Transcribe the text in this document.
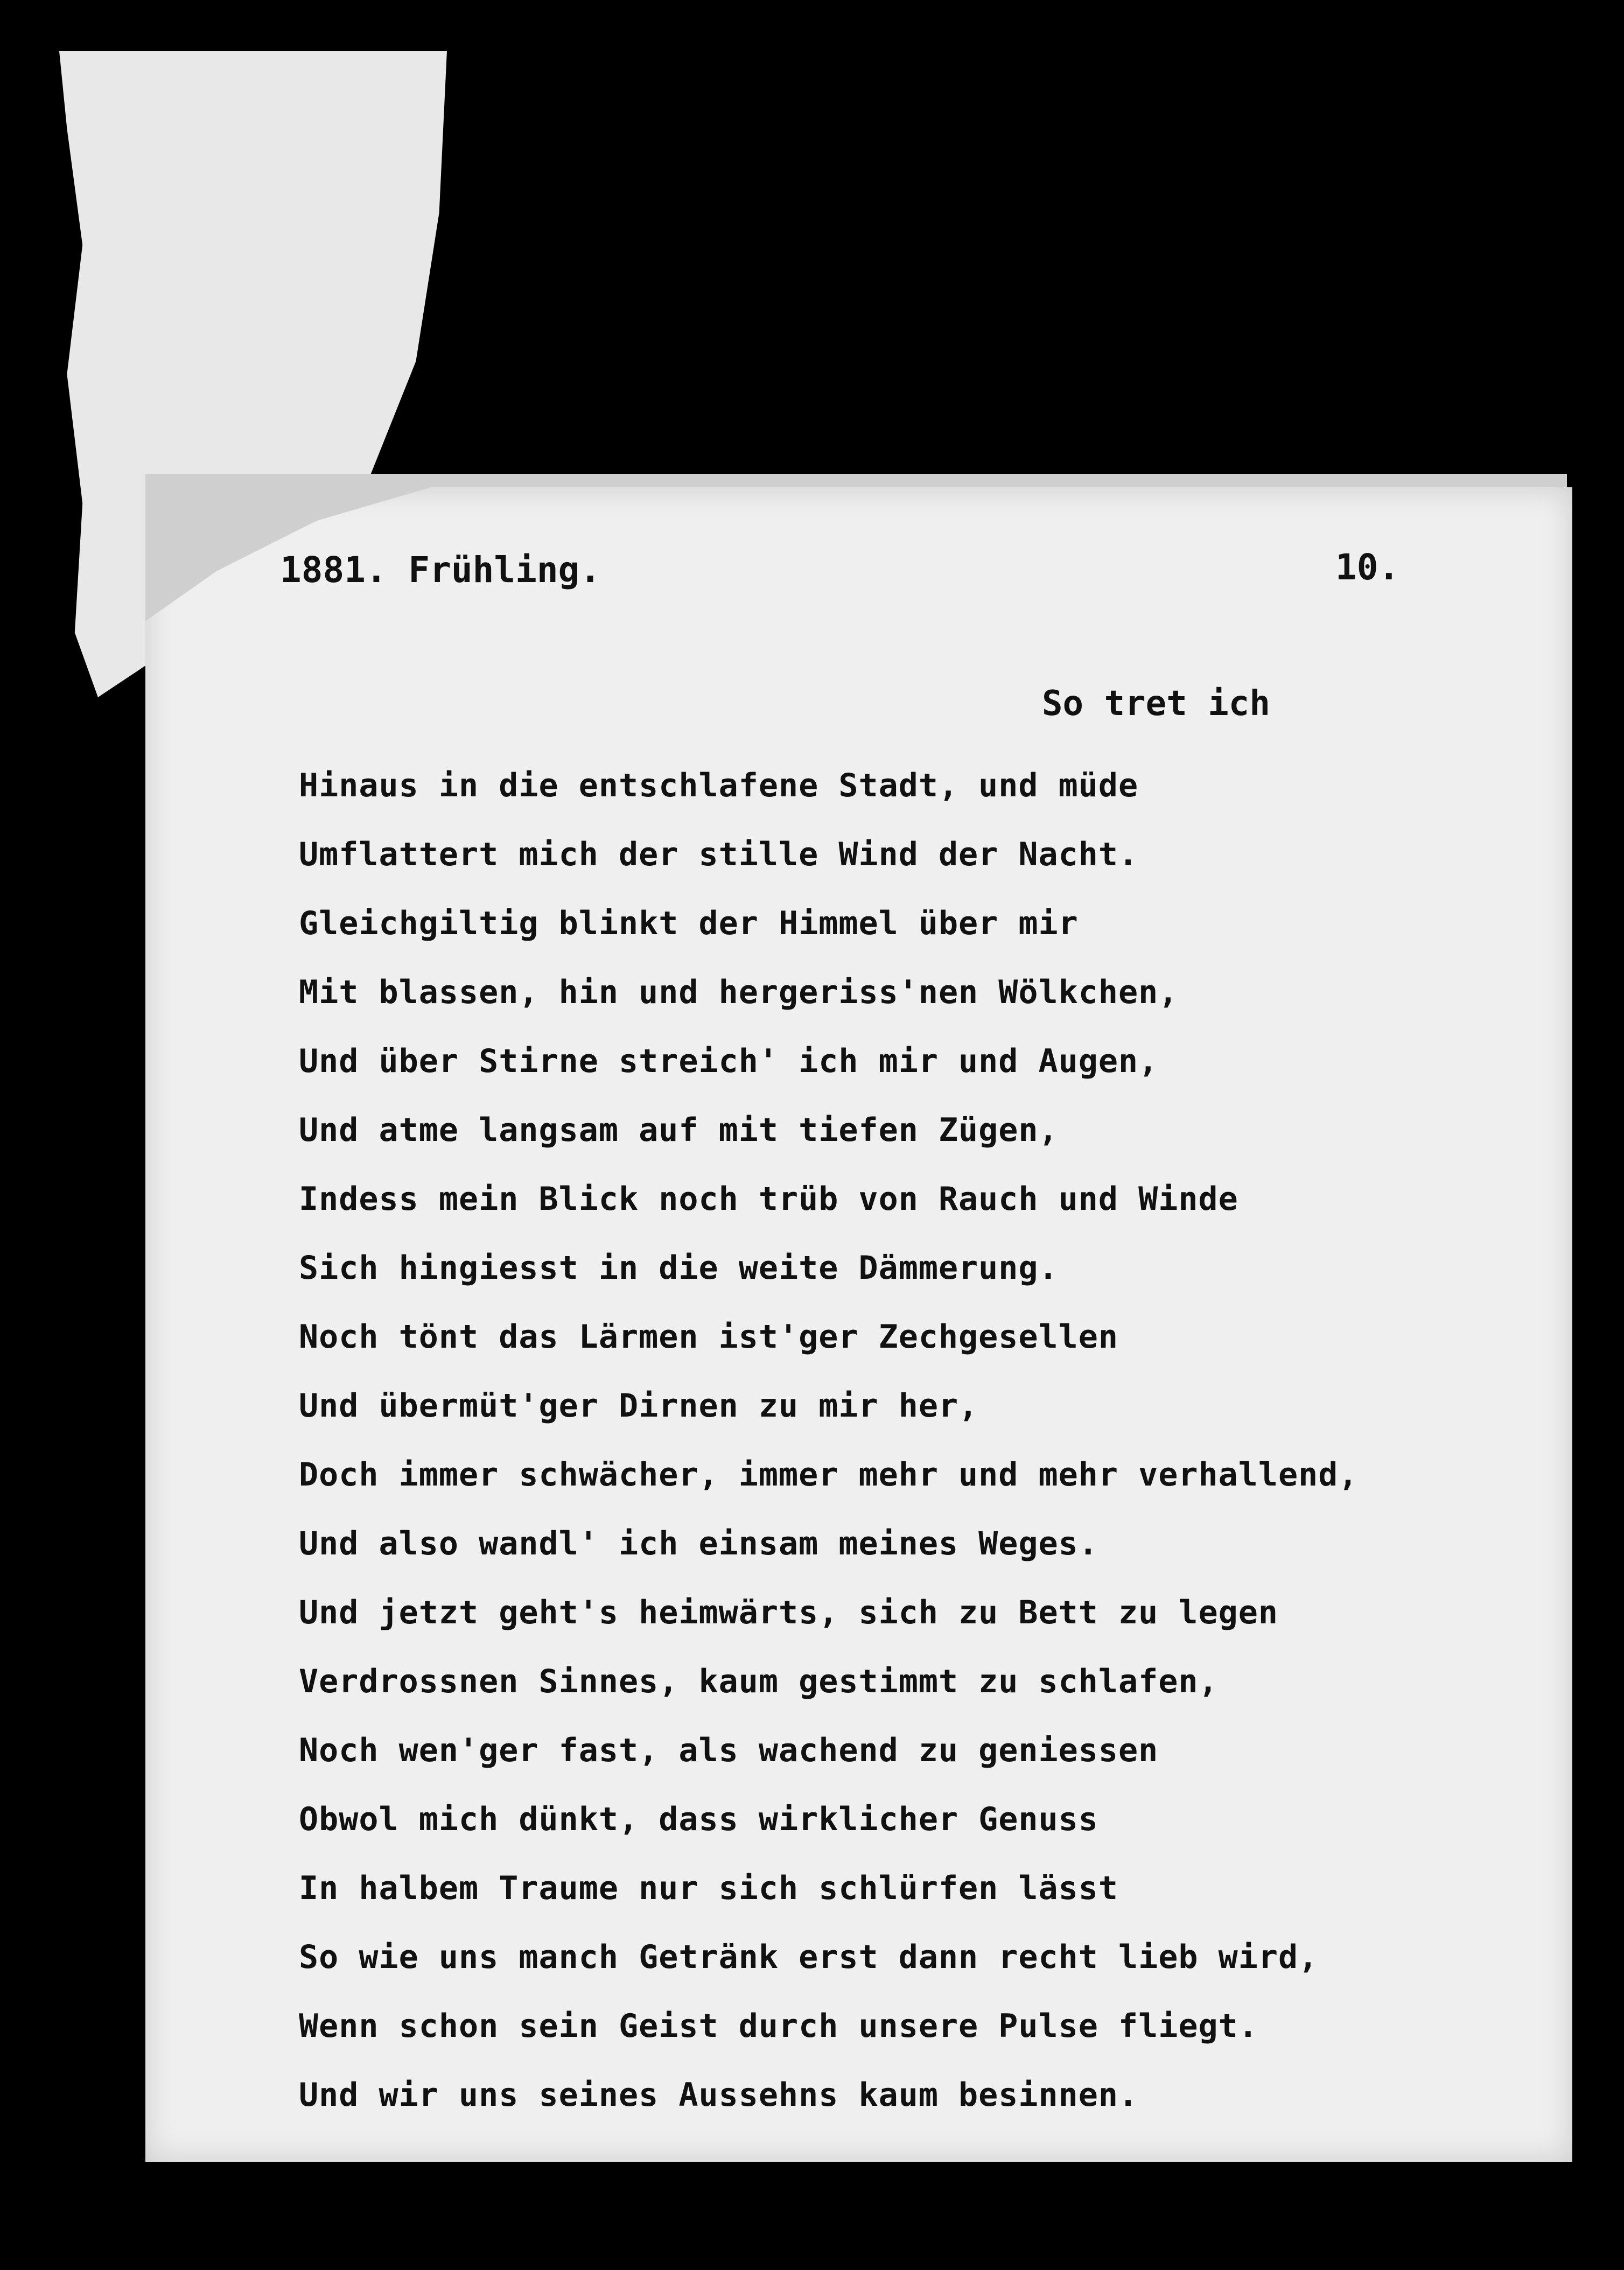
1881. Frühling.	10.
So tret ich
Hinaus in die entschlafene Stadt, und müde
Umflattert mich der stille Wind der Nacht.
Gleichgiltig blinkt der Himmel über mir
Mit blassen, hin und hergeriss'nen Wölkchen,
Und über Stirne streich' ich mir und Augen,
Und atme langsam auf mit tiefen Zügen,
Indess mein Blick noch trüb von Rauch und Winde
Sich hingiesst in die weite Dämmerung.
Noch tönt das Lärmen ist'ger Zechgesellen
Und übermüt'ger Dirnen zu mir her,
Doch immer schwächer, immer mehr und mehr verhallend,
Und also wandl' ich einsam meines Weges.
Und jetzt geht's heimwärts, sich zu Bett zu legen
Verdrossnen Sinnes, kaum gestimmt zu schlafen,
Noch wen'ger fast, als wachend zu geniessen
Obwol mich dünkt, dass wirklicher Genuss
In halbem Traume nur sich schlürfen lässt
So wie uns manch Getränk erst dann recht lieb wird,
Wenn schon sein Geist durch unsere Pulse fliegt.
Und wir uns seines Aussehns kaum besinnen.
